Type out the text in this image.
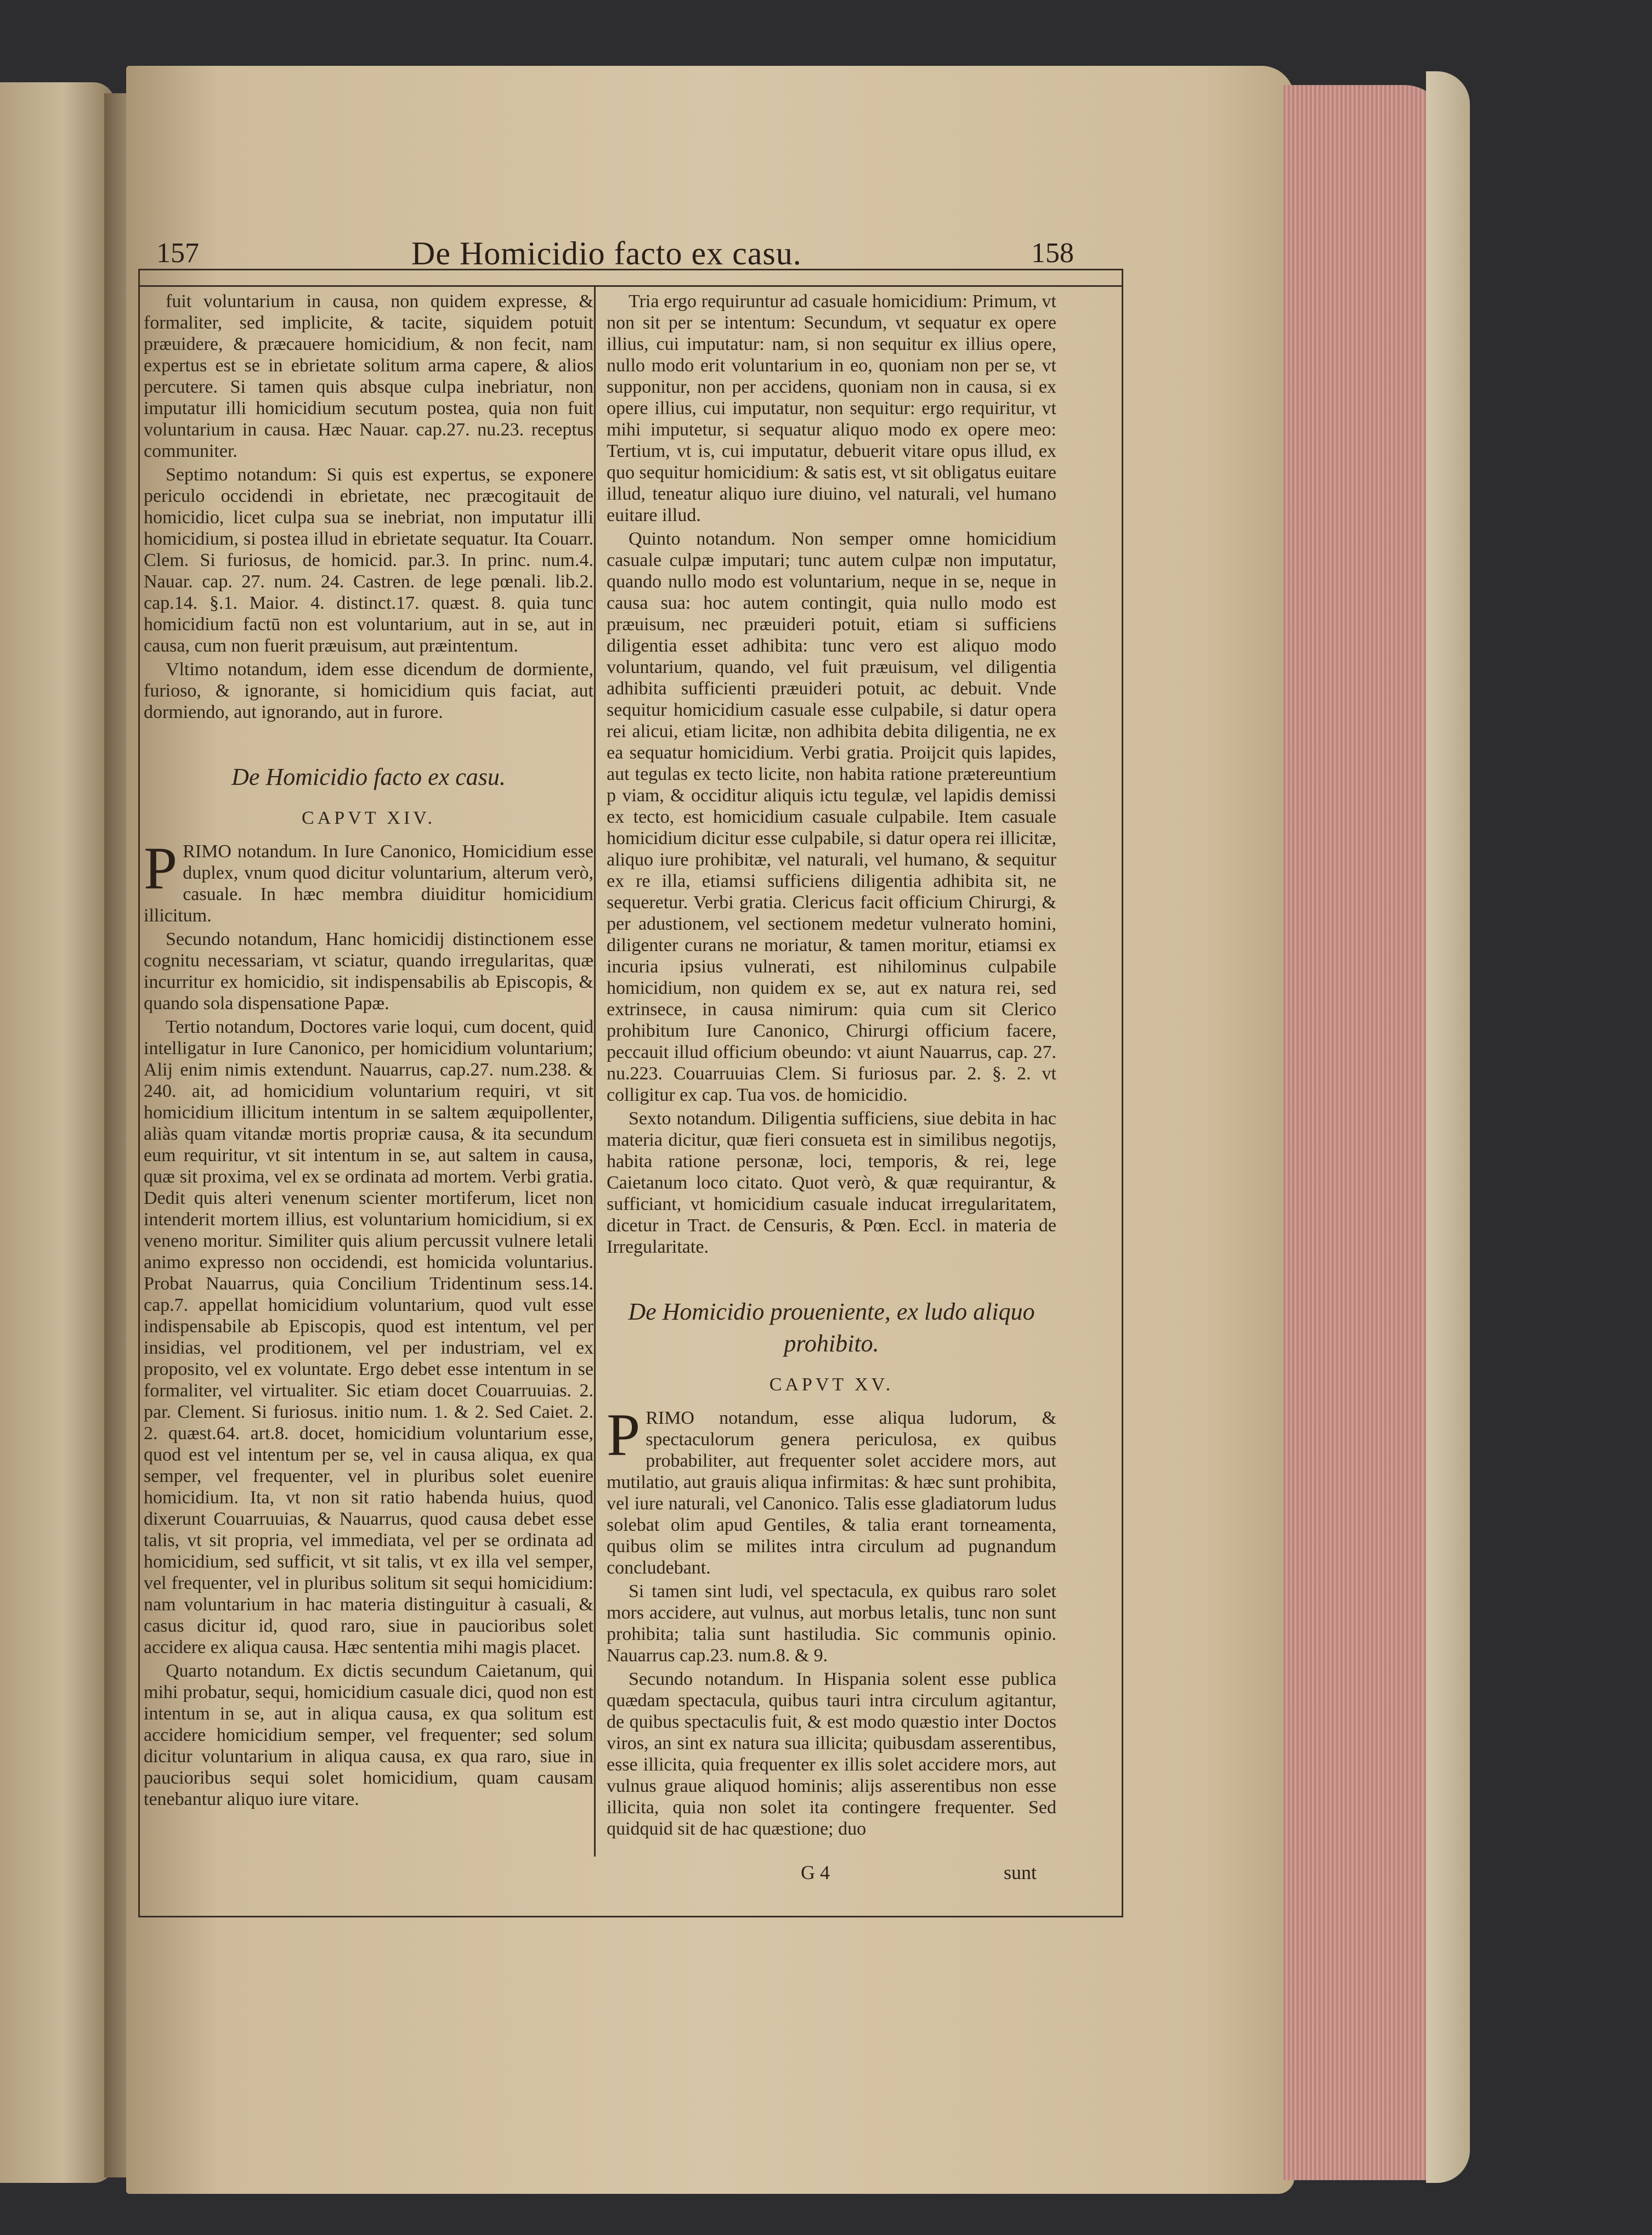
157	De Homicidio facto ex casu.	158

fuit voluntarium in causa, non quidem expresse, & formaliter, sed implicite, & tacite, siquidem potuit præuidere, & præcauere homicidium, & non fecit, nam expertus est se in ebrietate solitum arma capere, & alios percutere. Si tamen quis absque culpa inebriatur, non imputatur illi homicidium secutum postea, quia non fuit voluntarium in causa. Hæc Nauar. cap.27. nu.23. receptus communiter.

Septimo notandum: Si quis est expertus, se exponere periculo occidendi in ebrietate, nec præcogitauit de homicidio, licet culpa sua se inebriat, non imputatur illi homicidium, si postea illud in ebrietate sequatur. Ita Couarr. Clem. Si furiosus, de homicid. par.3. In princ. num.4. Nauar. cap. 27. num. 24. Castren. de lege pœnali. lib.2. cap.14. §.1. Maior. 4. distinct.17. quæst. 8. quia tunc homicidium factū non est voluntarium, aut in se, aut in causa, cum non fuerit præuisum, aut præintentum.

Vltimo notandum, idem esse dicendum de dormiente, furioso, & ignorante, si homicidium quis faciat, aut dormiendo, aut ignorando, aut in furore.

De Homicidio facto ex casu.

CAPVT XIV.

P RIMO notandum. In Iure Canonico, Homicidium esse duplex, vnum quod dicitur voluntarium, alterum verò, casuale. In hæc membra diuiditur homicidium illicitum.

Secundo notandum, Hanc homicidij distinctionem esse cognitu necessariam, vt sciatur, quando irregularitas, quæ incurritur ex homicidio, sit indispensabilis ab Episcopis, & quando sola dispensatione Papæ.

Tertio notandum, Doctores varie loqui, cum docent, quid intelligatur in Iure Canonico, per homicidium voluntarium; Alij enim nimis extendunt. Nauarrus, cap.27. num.238. & 240. ait, ad homicidium voluntarium requiri, vt sit homicidium illicitum intentum in se saltem æquipollenter, aliàs quam vitandæ mortis propriæ causa, & ita secundum eum requiritur, vt sit intentum in se, aut saltem in causa, quæ sit proxima, vel ex se ordinata ad mortem. Verbi gratia. Dedit quis alteri venenum scienter mortiferum, licet non intenderit mortem illius, est voluntarium homicidium, si ex veneno moritur. Similiter quis alium percussit vulnere letali animo expresso non occidendi, est homicida voluntarius. Probat Nauarrus, quia Concilium Tridentinum sess.14. cap.7. appellat homicidium voluntarium, quod vult esse indispensabile ab Episcopis, quod est intentum, vel per insidias, vel proditionem, vel per industriam, vel ex proposito, vel ex voluntate. Ergo debet esse intentum in se formaliter, vel virtualiter. Sic etiam docet Couarruuias. 2. par. Clement. Si furiosus. initio num. 1. & 2. Sed Caiet. 2. 2. quæst.64. art.8. docet, homicidium voluntarium esse, quod est vel intentum per se, vel in causa aliqua, ex qua semper, vel frequenter, vel in pluribus solet euenire homicidium. Ita, vt non sit ratio habenda huius, quod dixerunt Couarruuias, & Nauarrus, quod causa debet esse talis, vt sit propria, vel immediata, vel per se ordinata ad homicidium, sed sufficit, vt sit talis, vt ex illa vel semper, vel frequenter, vel in pluribus solitum sit sequi homicidium: nam voluntarium in hac materia distinguitur à casuali, & casus dicitur id, quod raro, siue in paucioribus solet accidere ex aliqua causa. Hæc sententia mihi magis placet.

Quarto notandum. Ex dictis secundum Caietanum, qui mihi probatur, sequi, homicidium casuale dici, quod non est intentum in se, aut in aliqua causa, ex qua solitum est accidere homicidium semper, vel frequenter; sed solum dicitur voluntarium in aliqua causa, ex qua raro, siue in paucioribus sequi solet homicidium, quam causam tenebantur aliquo iure vitare.

Tria ergo requiruntur ad casuale homicidium: Primum, vt non sit per se intentum: Secundum, vt sequatur ex opere illius, cui imputatur: nam, si non sequitur ex illius opere, nullo modo erit voluntarium in eo, quoniam non per se, vt supponitur, non per accidens, quoniam non in causa, si ex opere illius, cui imputatur, non sequitur: ergo requiritur, vt mihi imputetur, si sequatur aliquo modo ex opere meo: Tertium, vt is, cui imputatur, debuerit vitare opus illud, ex quo sequitur homicidium: & satis est, vt sit obligatus euitare illud, teneatur aliquo iure diuino, vel naturali, vel humano euitare illud.

Quinto notandum. Non semper omne homicidium casuale culpæ imputari; tunc autem culpæ non imputatur, quando nullo modo est voluntarium, neque in se, neque in causa sua: hoc autem contingit, quia nullo modo est præuisum, nec præuideri potuit, etiam si sufficiens diligentia esset adhibita: tunc vero est aliquo modo voluntarium, quando, vel fuit præuisum, vel diligentia adhibita sufficienti præuideri potuit, ac debuit. Vnde sequitur homicidium casuale esse culpabile, si datur opera rei alicui, etiam licitæ, non adhibita debita diligentia, ne ex ea sequatur homicidium. Verbi gratia. Proijcit quis lapides, aut tegulas ex tecto licite, non habita ratione prætereuntium p viam, & occiditur aliquis ictu tegulæ, vel lapidis demissi ex tecto, est homicidium casuale culpabile. Item casuale homicidium dicitur esse culpabile, si datur opera rei illicitæ, aliquo iure prohibitæ, vel naturali, vel humano, & sequitur ex re illa, etiamsi sufficiens diligentia adhibita sit, ne sequeretur. Verbi gratia. Clericus facit officium Chirurgi, & per adustionem, vel sectionem medetur vulnerato homini, diligenter curans ne moriatur, & tamen moritur, etiamsi ex incuria ipsius vulnerati, est nihilominus culpabile homicidium, non quidem ex se, aut ex natura rei, sed extrinsece, in causa nimirum: quia cum sit Clerico prohibitum Iure Canonico, Chirurgi officium facere, peccauit illud officium obeundo: vt aiunt Nauarrus, cap. 27. nu.223. Couarruuias Clem. Si furiosus par. 2. §. 2. vt colligitur ex cap. Tua vos. de homicidio.

Sexto notandum. Diligentia sufficiens, siue debita in hac materia dicitur, quæ fieri consueta est in similibus negotijs, habita ratione personæ, loci, temporis, & rei, lege Caietanum loco citato. Quot verò, & quæ requirantur, & sufficiant, vt homicidium casuale inducat irregularitatem, dicetur in Tract. de Censuris, & Pœn. Eccl. in materia de Irregularitate.

De Homicidio proueniente, ex ludo aliquo prohibito.

CAPVT XV.

P RIMO notandum, esse aliqua ludorum, & spectaculorum genera periculosa, ex quibus probabiliter, aut frequenter solet accidere mors, aut mutilatio, aut grauis aliqua infirmitas: & hæc sunt prohibita, vel iure naturali, vel Canonico. Talis esse gladiatorum ludus solebat olim apud Gentiles, & talia erant torneamenta, quibus olim se milites intra circulum ad pugnandum concludebant.

Si tamen sint ludi, vel spectacula, ex quibus raro solet mors accidere, aut vulnus, aut morbus letalis, tunc non sunt prohibita; talia sunt hastiludia. Sic communis opinio. Nauarrus cap.23. num.8. & 9.

Secundo notandum. In Hispania solent esse publica quædam spectacula, quibus tauri intra circulum agitantur, de quibus spectaculis fuit, & est modo quæstio inter Doctos viros, an sint ex natura sua illicita; quibusdam asserentibus, esse illicita, quia frequenter ex illis solet accidere mors, aut vulnus graue aliquod hominis; alijs asserentibus non esse illicita, quia non solet ita contingere frequenter. Sed quidquid sit de hac quæstione; duo

G 4	sunt
